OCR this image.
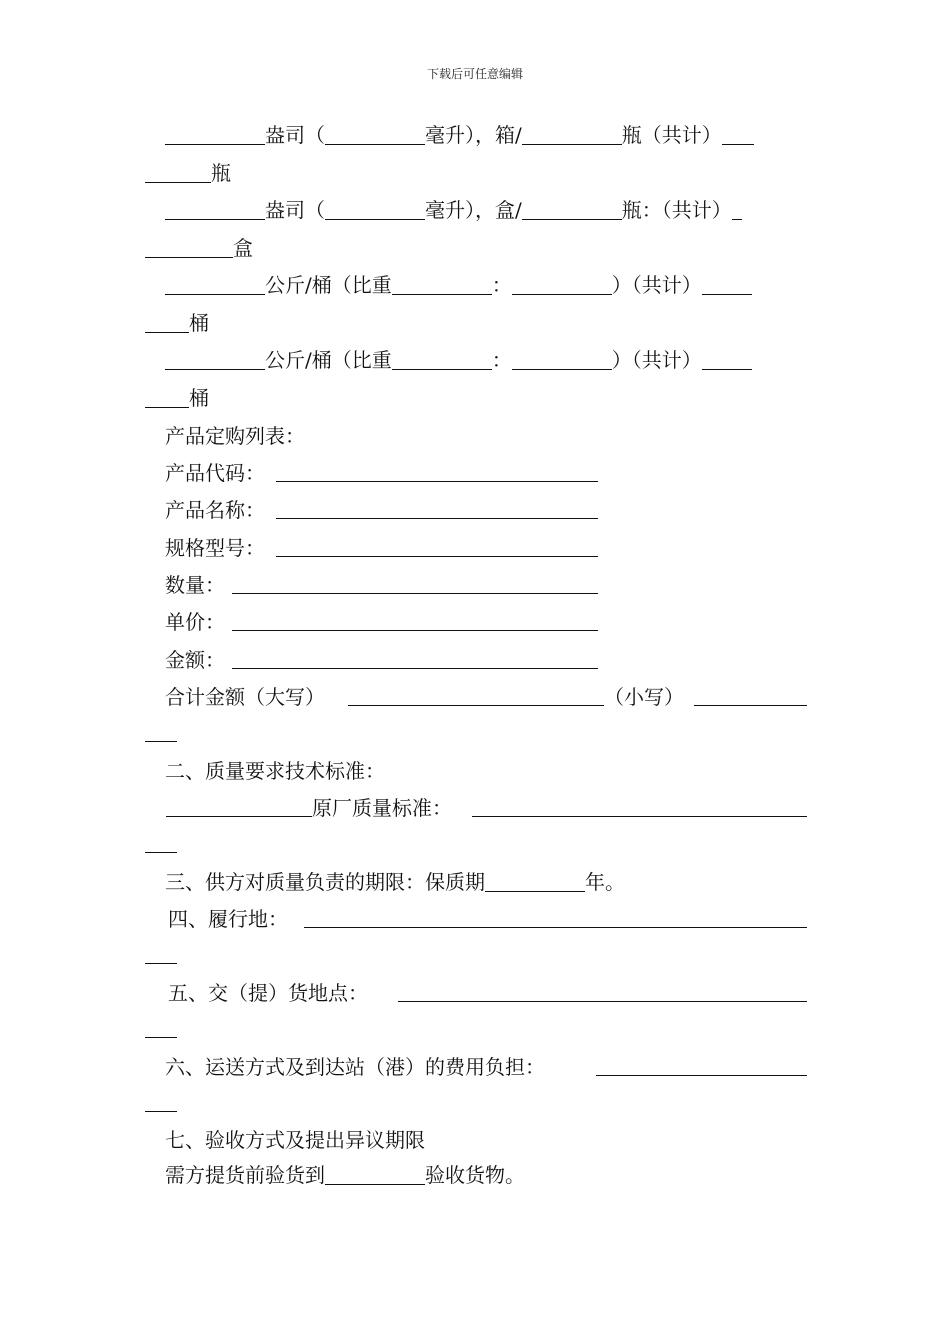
下载后可任意编辑
盎司（	毫升），箱/	瓶（共计）
瓶
盎司（	毫升），盒/	瓶：（共计）
盒
公斤/桶（比重	：	）（共计）
桶
公斤/桶（比重	：	）（共计）
桶
产品定购列表：
产品代码：
产品名称：
规格型号：
数量：
单价：
金额：
合计金额（大写）	（小写）
二、质量要求技术标准：
原厂质量标准：
三、供方对质量负责的期限：保质期	年。
四、履行地：
五、交（提）货地点：
六、运送方式及到达站（港）的费用负担：
七、验收方式及提出异议期限
需方提货前验货到	验收货物。
